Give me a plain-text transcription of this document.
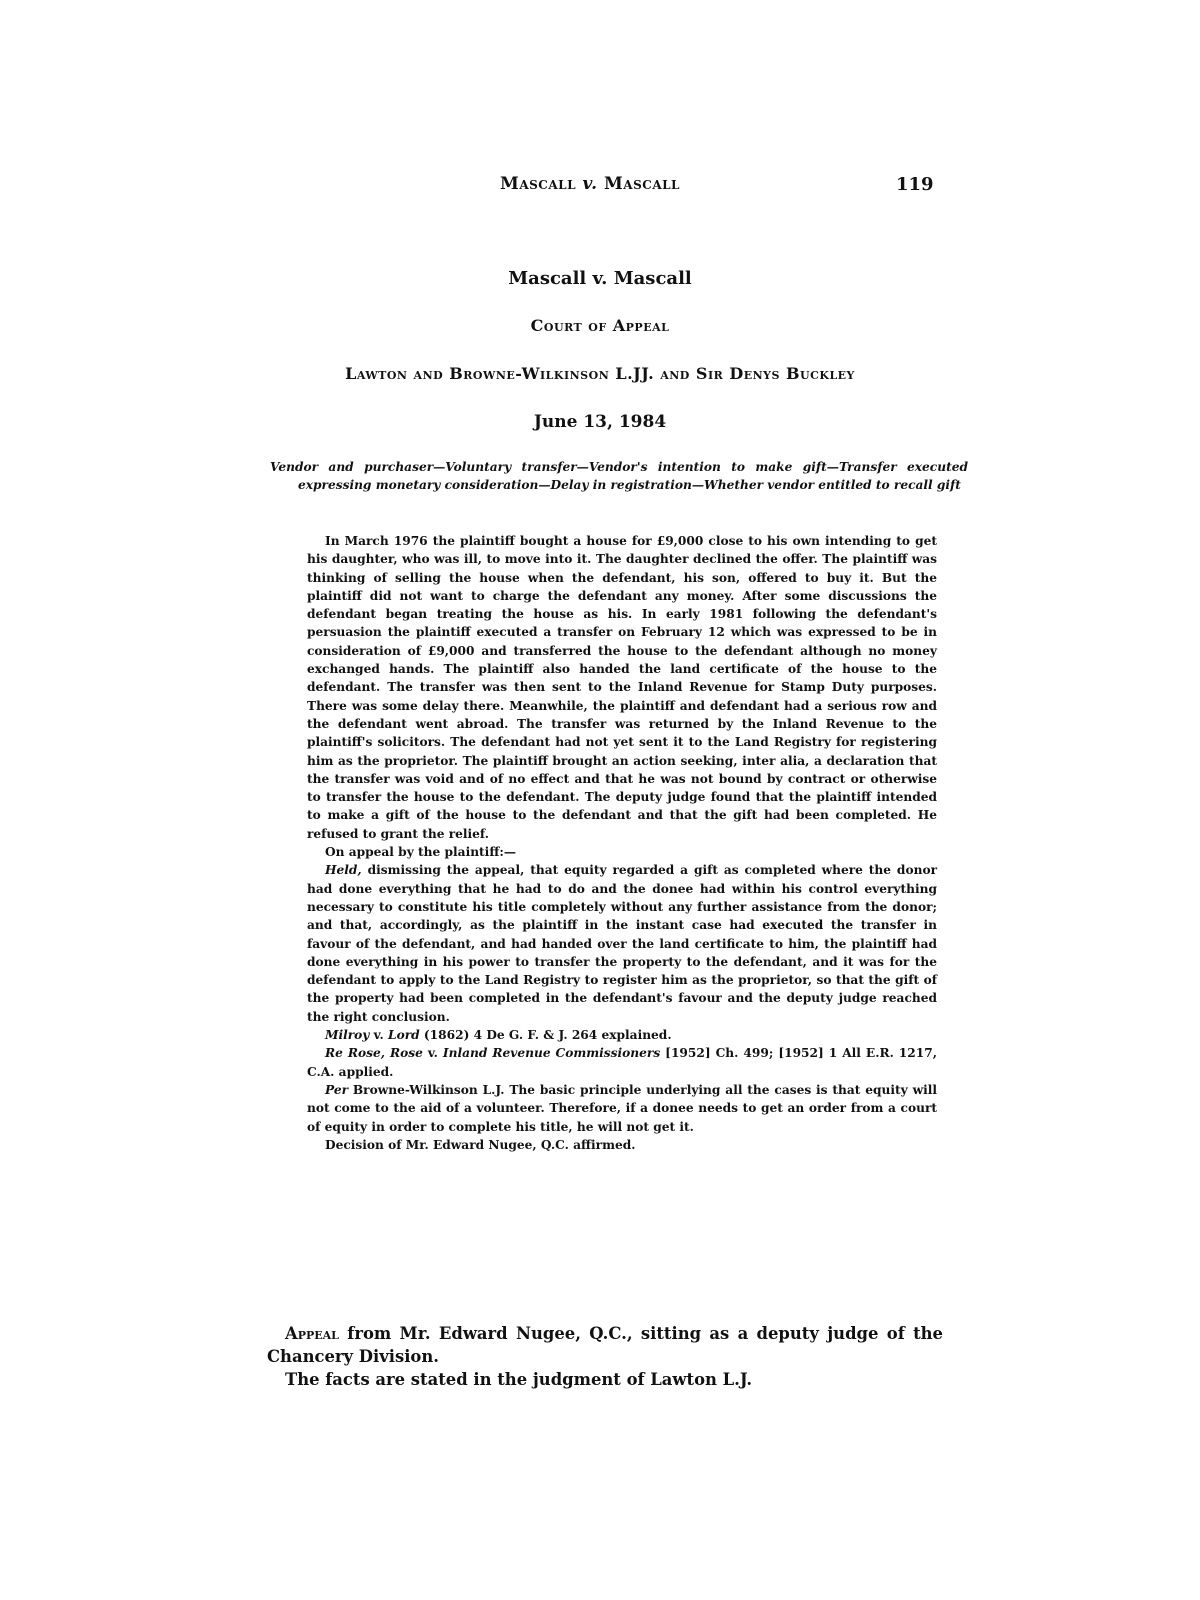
Mascall v. Mascall	119
Mascall v. Mascall
Court of Appeal
Lawton and Browne-Wilkinson L.JJ. and Sir Denys Buckley
June 13, 1984
Vendor and purchaser—Voluntary transfer—Vendor's intention to make gift—Transfer executed expressing monetary consideration—Delay in registration—Whether vendor entitled to recall gift

In March 1976 the plaintiff bought a house for £9,000 close to his own intending to get his daughter, who was ill, to move into it. The daughter declined the offer. The plaintiff was thinking of selling the house when the defendant, his son, offered to buy it. But the plaintiff did not want to charge the defendant any money. After some discussions the defendant began treating the house as his. In early 1981 following the defendant's persuasion the plaintiff executed a transfer on February 12 which was expressed to be in consideration of £9,000 and transferred the house to the defendant although no money exchanged hands. The plaintiff also handed the land certificate of the house to the defendant. The transfer was then sent to the Inland Revenue for Stamp Duty purposes. There was some delay there. Meanwhile, the plaintiff and defendant had a serious row and the defendant went abroad. The transfer was returned by the Inland Revenue to the plaintiff's solicitors. The defendant had not yet sent it to the Land Registry for registering him as the proprietor. The plaintiff brought an action seeking, inter alia, a declaration that the transfer was void and of no effect and that he was not bound by contract or otherwise to transfer the house to the defendant. The deputy judge found that the plaintiff intended to make a gift of the house to the defendant and that the gift had been completed. He refused to grant the relief.

On appeal by the plaintiff:—

Held, dismissing the appeal, that equity regarded a gift as completed where the donor had done everything that he had to do and the donee had within his control everything necessary to constitute his title completely without any further assistance from the donor; and that, accordingly, as the plaintiff in the instant case had executed the transfer in favour of the defendant, and had handed over the land certificate to him, the plaintiff had done everything in his power to transfer the property to the defendant, and it was for the defendant to apply to the Land Registry to register him as the proprietor, so that the gift of the property had been completed in the defendant's favour and the deputy judge reached the right conclusion.

Milroy v. Lord (1862) 4 De G. F. & J. 264 explained.

Re Rose, Rose v. Inland Revenue Commissioners [1952] Ch. 499; [1952] 1 All E.R. 1217, C.A. applied.

Per Browne-Wilkinson L.J. The basic principle underlying all the cases is that equity will not come to the aid of a volunteer. Therefore, if a donee needs to get an order from a court of equity in order to complete his title, he will not get it.

Decision of Mr. Edward Nugee, Q.C. affirmed.

Appeal from Mr. Edward Nugee, Q.C., sitting as a deputy judge of the Chancery Division.

The facts are stated in the judgment of Lawton L.J.
